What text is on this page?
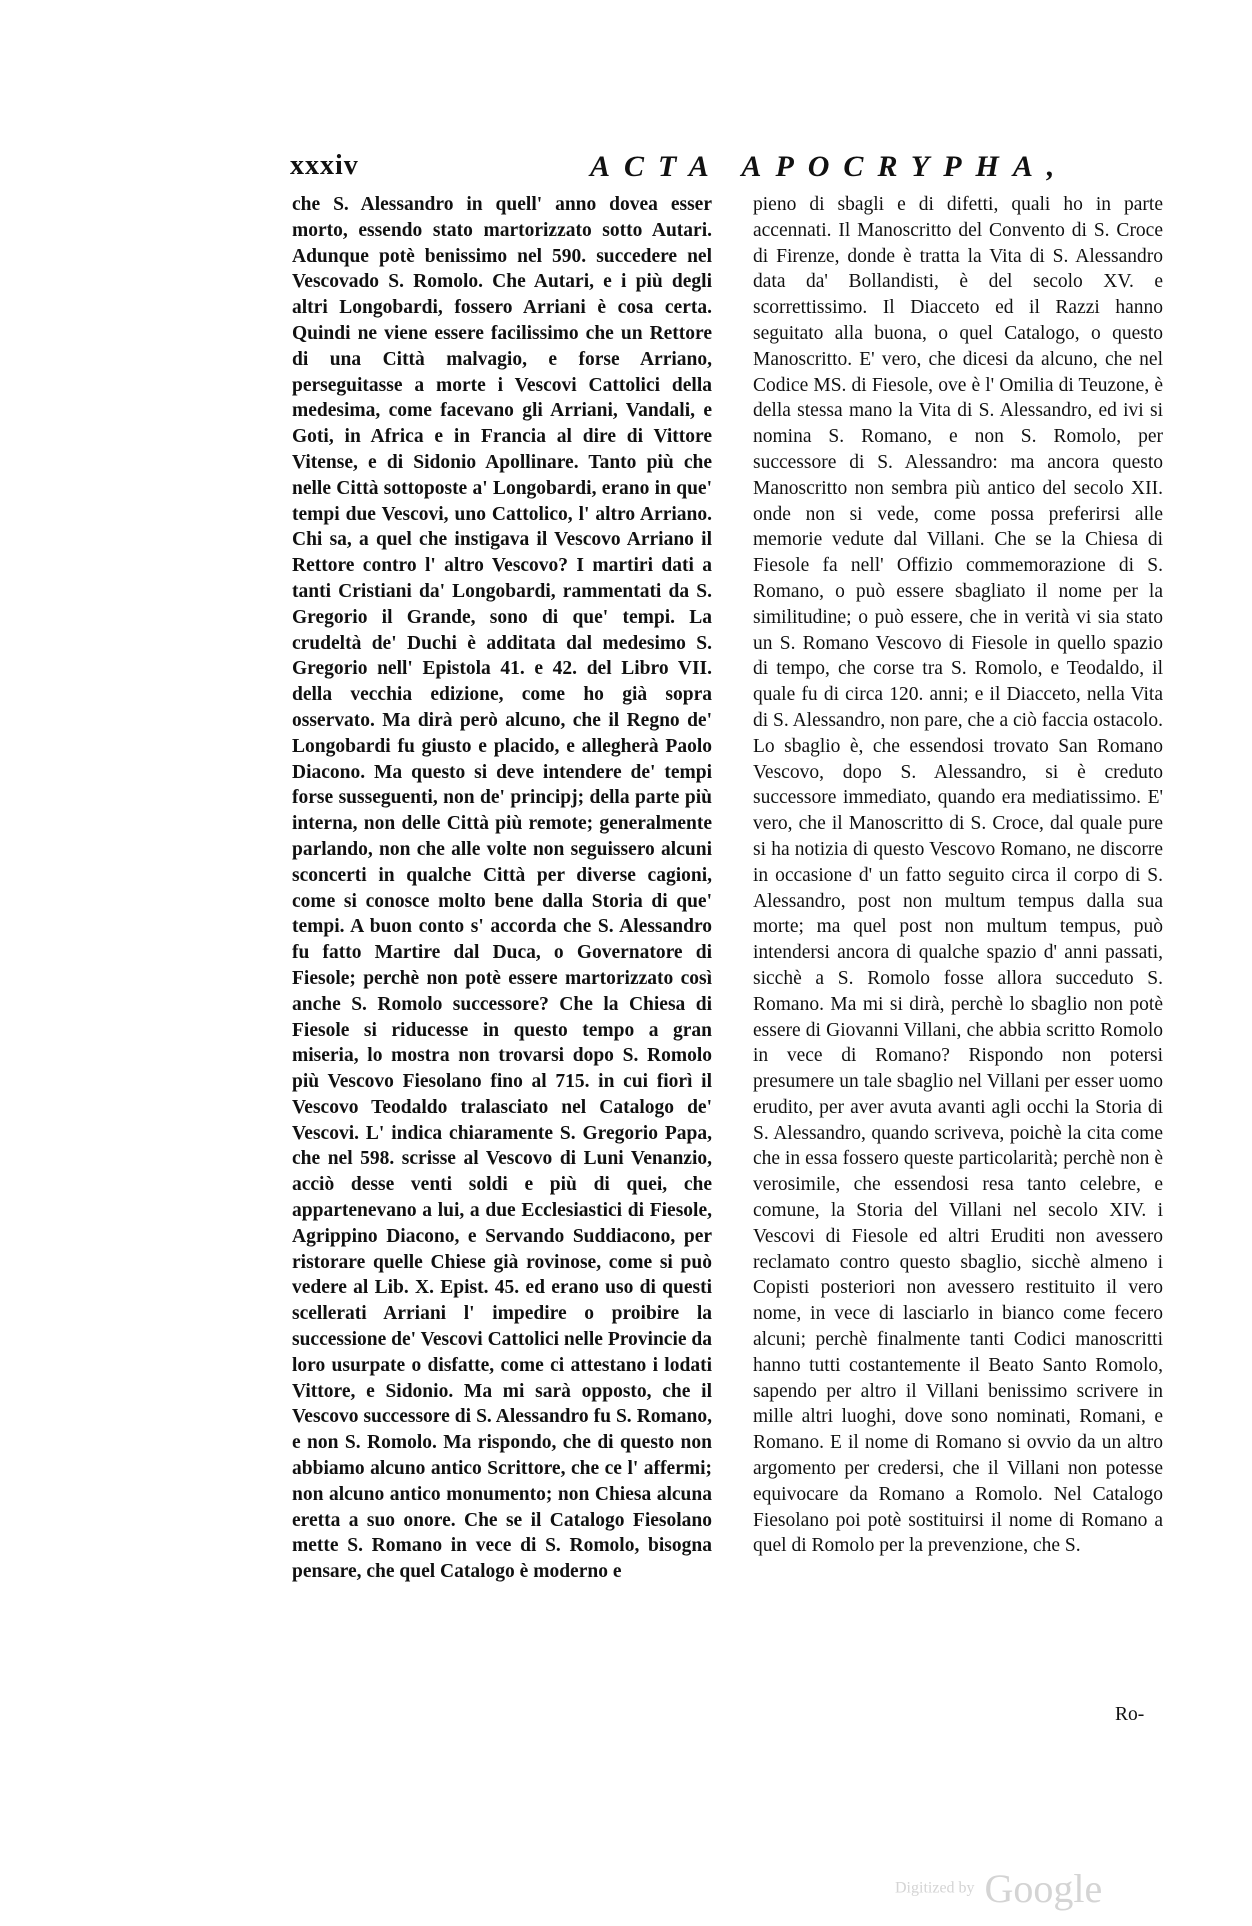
xxxiv	ACTA APOCRYPHA,

che S. Alessandro in quell' anno dovea esser morto, essendo stato martorizzato sotto Autari. Adunque potè benissimo nel 590. succedere nel Vescovado S. Romolo. Che Autari, e i più degli altri Longobardi, fossero Arriani è cosa certa. Quindi ne viene essere facilissimo che un Rettore di una Città malvagio, e forse Arriano, perseguitasse a morte i Vescovi Cattolici della medesima, come facevano gli Arriani, Vandali, e Goti, in Africa e in Francia al dire di Vittore Vitense, e di Sidonio Apollinare. Tanto più che nelle Città sottoposte a' Longobardi, erano in que' tempi due Vescovi, uno Cattolico, l' altro Arriano. Chi sa, a quel che instigava il Vescovo Arriano il Rettore contro l' altro Vescovo? I martiri dati a tanti Cristiani da' Longobardi, rammentati da S. Gregorio il Grande, sono di que' tempi. La crudeltà de' Duchi è additata dal medesimo S. Gregorio nell' Epistola 41. e 42. del Libro VII. della vecchia edizione, come ho già sopra osservato. Ma dirà però alcuno, che il Regno de' Longobardi fu giusto e placido, e allegherà Paolo Diacono. Ma questo si deve intendere de' tempi forse susseguenti, non de' principj; della parte più interna, non delle Città più remote; generalmente parlando, non che alle volte non seguissero alcuni sconcerti in qualche Città per diverse cagioni, come si conosce molto bene dalla Storia di que' tempi. A buon conto s' accorda che S. Alessandro fu fatto Martire dal Duca, o Governatore di Fiesole; perchè non potè essere martorizzato così anche S. Romolo successore? Che la Chiesa di Fiesole si riducesse in questo tempo a gran miseria, lo mostra non trovarsi dopo S. Romolo più Vescovo Fiesolano fino al 715. in cui fiorì il Vescovo Teodaldo tralasciato nel Catalogo de' Vescovi. L' indica chiaramente S. Gregorio Papa, che nel 598. scrisse al Vescovo di Luni Venanzio, acciò desse venti soldi e più di quei, che appartenevano a lui, a due Ecclesiastici di Fiesole, Agrippino Diacono, e Servando Suddiacono, per ristorare quelle Chiese già rovinose, come si può vedere al Lib. X. Epist. 45. ed erano uso di questi scellerati Arriani l' impedire o proibire la successione de' Vescovi Cattolici nelle Provincie da loro usurpate o disfatte, come ci attestano i lodati Vittore, e Sidonio. Ma mi sarà opposto, che il Vescovo successore di S. Alessandro fu S. Romano, e non S. Romolo. Ma rispondo, che di questo non abbiamo alcuno antico Scrittore, che ce l' affermi; non alcuno antico monumento; non Chiesa alcuna eretta a suo onore. Che se il Catalogo Fiesolano mette S. Romano in vece di S. Romolo, bisogna pensare, che quel Catalogo è moderno e

pieno di sbagli e di difetti, quali ho in parte accennati. Il Manoscritto del Convento di S. Croce di Firenze, donde è tratta la Vita di S. Alessandro data da' Bollandisti, è del secolo XV. e scorrettissimo. Il Diacceto ed il Razzi hanno seguitato alla buona, o quel Catalogo, o questo Manoscritto. E' vero, che dicesi da alcuno, che nel Codice MS. di Fiesole, ove è l' Omilia di Teuzone, è della stessa mano la Vita di S. Alessandro, ed ivi si nomina S. Romano, e non S. Romolo, per successore di S. Alessandro: ma ancora questo Manoscritto non sembra più antico del secolo XII. onde non si vede, come possa preferirsi alle memorie vedute dal Villani. Che se la Chiesa di Fiesole fa nell' Offizio commemorazione di S. Romano, o può essere sbagliato il nome per la similitudine; o può essere, che in verità vi sia stato un S. Romano Vescovo di Fiesole in quello spazio di tempo, che corse tra S. Romolo, e Teodaldo, il quale fu di circa 120. anni; e il Diacceto, nella Vita di S. Alessandro, non pare, che a ciò faccia ostacolo. Lo sbaglio è, che essendosi trovato San Romano Vescovo, dopo S. Alessandro, si è creduto successore immediato, quando era mediatissimo. E' vero, che il Manoscritto di S. Croce, dal quale pure si ha notizia di questo Vescovo Romano, ne discorre in occasione d' un fatto seguito circa il corpo di S. Alessandro, post non multum tempus dalla sua morte; ma quel post non multum tempus, può intendersi ancora di qualche spazio d' anni passati, sicchè a S. Romolo fosse allora succeduto S. Romano. Ma mi si dirà, perchè lo sbaglio non potè essere di Giovanni Villani, che abbia scritto Romolo in vece di Romano? Rispondo non potersi presumere un tale sbaglio nel Villani per esser uomo erudito, per aver avuta avanti agli occhi la Storia di S. Alessandro, quando scriveva, poichè la cita come che in essa fossero queste particolarità; perchè non è verosimile, che essendosi resa tanto celebre, e comune, la Storia del Villani nel secolo XIV. i Vescovi di Fiesole ed altri Eruditi non avessero reclamato contro questo sbaglio, sicchè almeno i Copisti posteriori non avessero restituito il vero nome, in vece di lasciarlo in bianco come fecero alcuni; perchè finalmente tanti Codici manoscritti hanno tutti costantemente il Beato Santo Romolo, sapendo per altro il Villani benissimo scrivere in mille altri luoghi, dove sono nominati, Romani, e Romano. E il nome di Romano si ovvio da un altro argomento per credersi, che il Villani non potesse equivocare da Romano a Romolo. Nel Catalogo Fiesolano poi potè sostituirsi il nome di Romano a quel di Romolo per la prevenzione, che S.

Ro-
Digitized by Google
